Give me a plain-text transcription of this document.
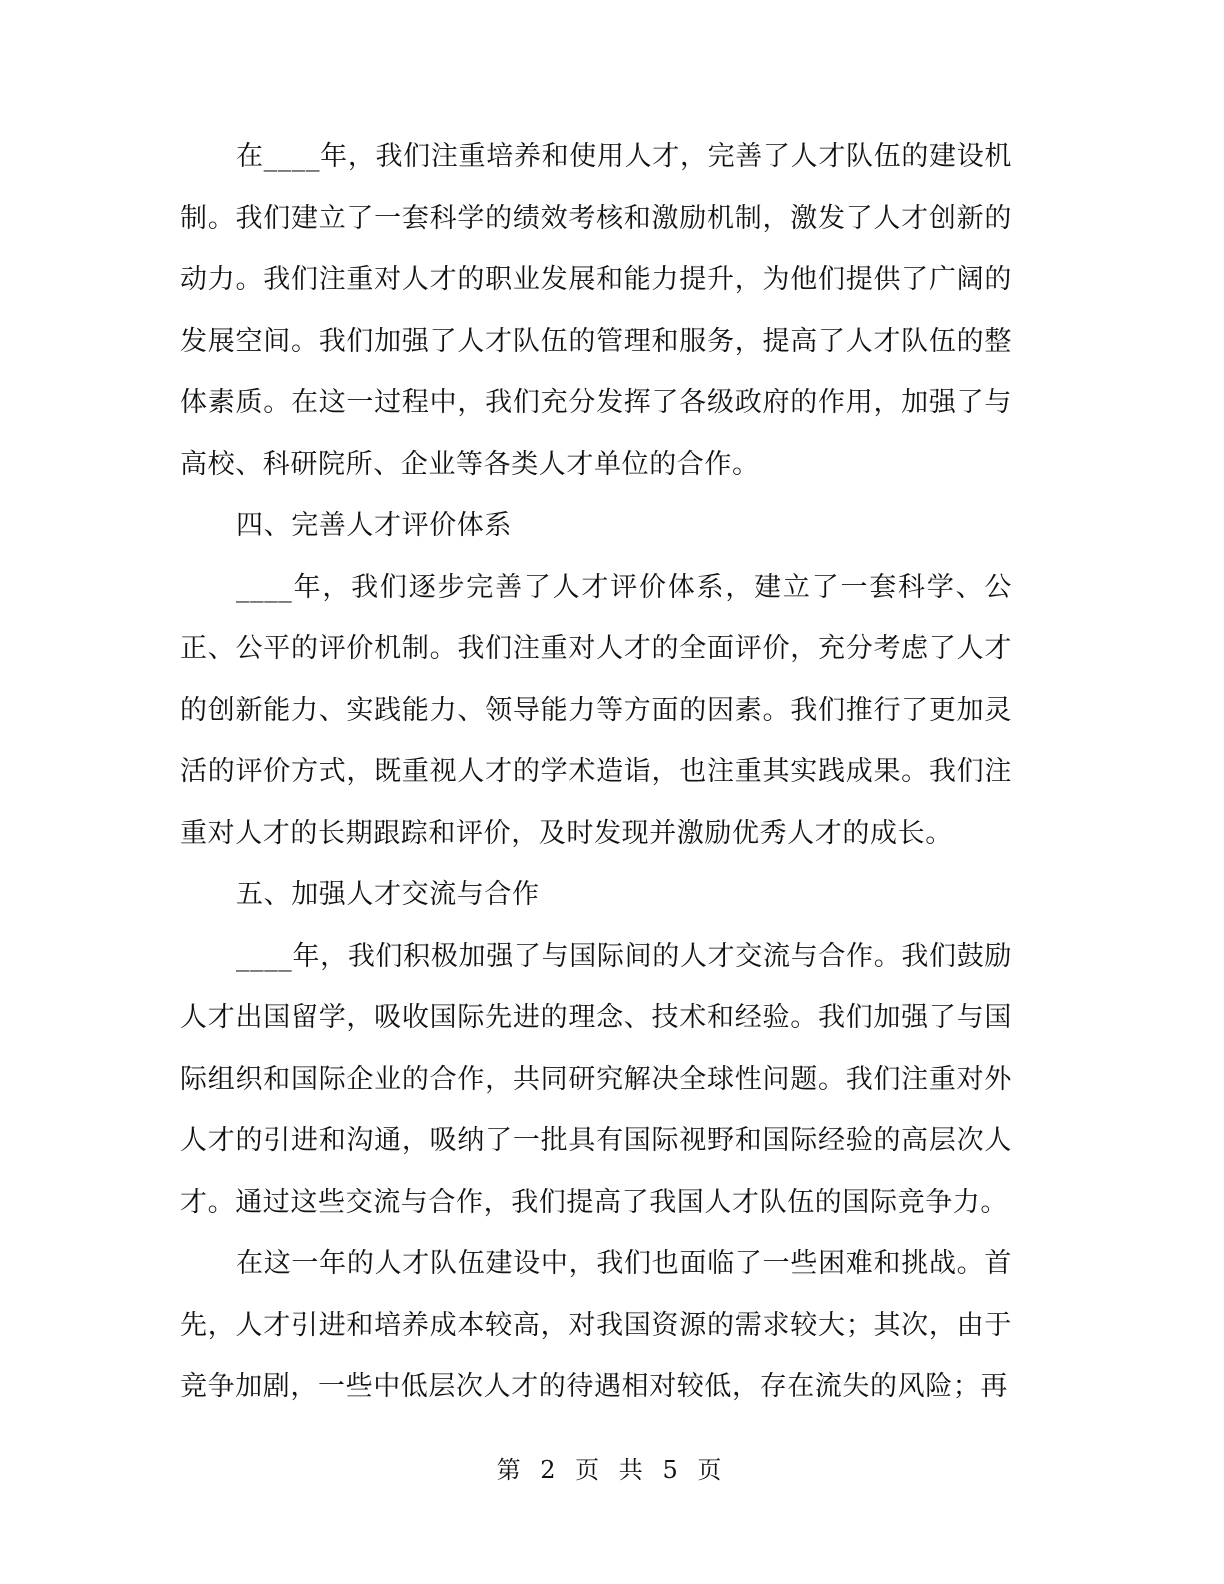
在____年，我们注重培养和使用人才，完善了人才队伍的建设机制。我们建立了一套科学的绩效考核和激励机制，激发了人才创新的动力。我们注重对人才的职业发展和能力提升，为他们提供了广阔的发展空间。我们加强了人才队伍的管理和服务，提高了人才队伍的整体素质。在这一过程中，我们充分发挥了各级政府的作用，加强了与高校、科研院所、企业等各类人才单位的合作。

四、完善人才评价体系

____年，我们逐步完善了人才评价体系，建立了一套科学、公正、公平的评价机制。我们注重对人才的全面评价，充分考虑了人才的创新能力、实践能力、领导能力等方面的因素。我们推行了更加灵活的评价方式，既重视人才的学术造诣，也注重其实践成果。我们注重对人才的长期跟踪和评价，及时发现并激励优秀人才的成长。

五、加强人才交流与合作

____年，我们积极加强了与国际间的人才交流与合作。我们鼓励人才出国留学，吸收国际先进的理念、技术和经验。我们加强了与国际组织和国际企业的合作，共同研究解决全球性问题。我们注重对外人才的引进和沟通，吸纳了一批具有国际视野和国际经验的高层次人才。通过这些交流与合作，我们提高了我国人才队伍的国际竞争力。

在这一年的人才队伍建设中，我们也面临了一些困难和挑战。首先，人才引进和培养成本较高，对我国资源的需求较大；其次，由于竞争加剧，一些中低层次人才的待遇相对较低，存在流失的风险；再

第 2 页 共 5 页
